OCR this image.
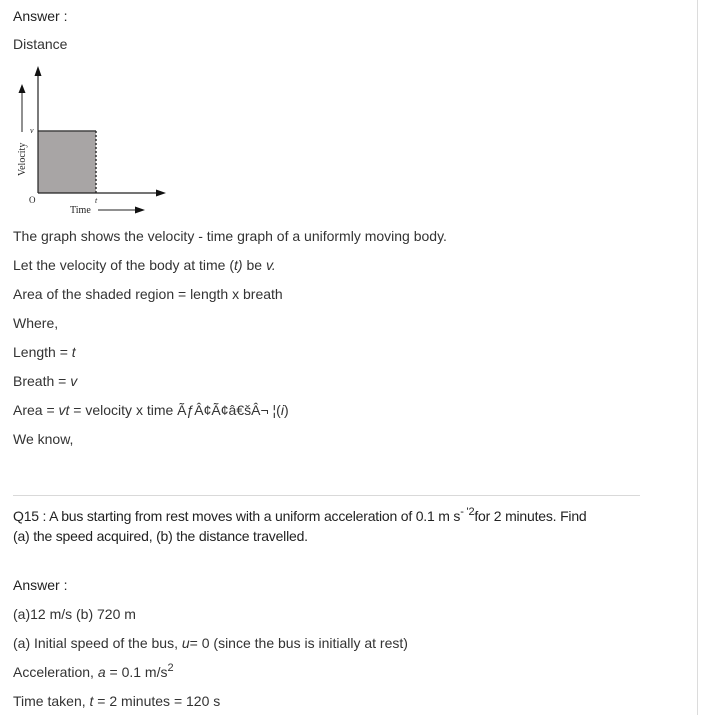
Answer :
Distance
v
O	t
Time
Velocity
The graph shows the velocity - time graph of a uniformly moving body.
Let the velocity of the body at time (t) be v.
Area of the shaded region = length x breath
Where,
Length = t
Breath = v
Area = vt = velocity x time ÃƒÂ¢Ã¢â€šÂ¬ ¦(i)
We know,
Q15 : A bus starting from rest moves with a uniform acceleration of 0.1 m $s^{- '2}for$ 2 minutes. Find
(a) the speed acquired, (b) the distance travelled.
Answer :
(a)12 m/s (b) 720 m
(a) Initial speed of the bus, u= 0 (since the bus is initially at rest)
Acceleration, a = 0.1 $m/s^2$
Time taken, t = 2 minutes = 120 s
